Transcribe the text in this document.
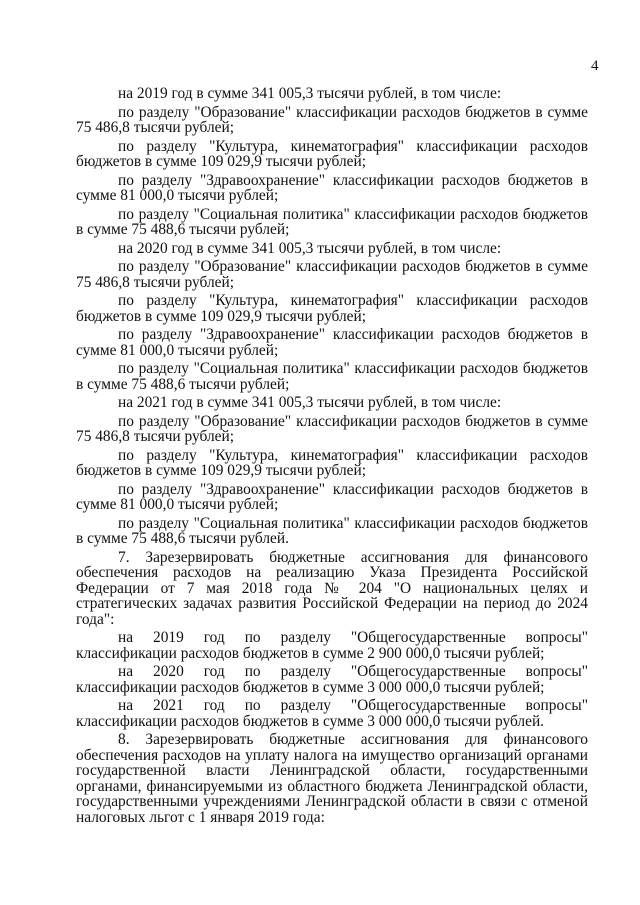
4

на 2019 год в сумме 341 005,3 тысячи рублей, в том числе:

по разделу "Образование" классификации расходов бюджетов в сумме 75 486,8 тысячи рублей;

по разделу "Культура, кинематография" классификации расходов бюджетов в сумме 109 029,9 тысячи рублей;

по разделу "Здравоохранение" классификации расходов бюджетов в сумме 81 000,0 тысячи рублей;

по разделу "Социальная политика" классификации расходов бюджетов в сумме 75 488,6 тысячи рублей;

на 2020 год в сумме 341 005,3 тысячи рублей, в том числе:

по разделу "Образование" классификации расходов бюджетов в сумме 75 486,8 тысячи рублей;

по разделу "Культура, кинематография" классификации расходов бюджетов в сумме 109 029,9 тысячи рублей;

по разделу "Здравоохранение" классификации расходов бюджетов в сумме 81 000,0 тысячи рублей;

по разделу "Социальная политика" классификации расходов бюджетов в сумме 75 488,6 тысячи рублей;

на 2021 год в сумме 341 005,3 тысячи рублей, в том числе:

по разделу "Образование" классификации расходов бюджетов в сумме 75 486,8 тысячи рублей;

по разделу "Культура, кинематография" классификации расходов бюджетов в сумме 109 029,9 тысячи рублей;

по разделу "Здравоохранение" классификации расходов бюджетов в сумме 81 000,0 тысячи рублей;

по разделу "Социальная политика" классификации расходов бюджетов в сумме 75 488,6 тысячи рублей.

7. Зарезервировать бюджетные ассигнования для финансового обеспечения расходов на реализацию Указа Президента Российской Федерации от 7 мая 2018 года № 204 "О национальных целях и стратегических задачах развития Российской Федерации на период до 2024 года":

на 2019 год по разделу "Общегосударственные вопросы" классификации расходов бюджетов в сумме 2 900 000,0 тысячи рублей;

на 2020 год по разделу "Общегосударственные вопросы" классификации расходов бюджетов в сумме 3 000 000,0 тысячи рублей;

на 2021 год по разделу "Общегосударственные вопросы" классификации расходов бюджетов в сумме 3 000 000,0 тысячи рублей.

8. Зарезервировать бюджетные ассигнования для финансового обеспечения расходов на уплату налога на имущество организаций органами государственной власти Ленинградской области, государственными органами, финансируемыми из областного бюджета Ленинградской области, государственными учреждениями Ленинградской области в связи с отменой налоговых льгот с 1 января 2019 года:
